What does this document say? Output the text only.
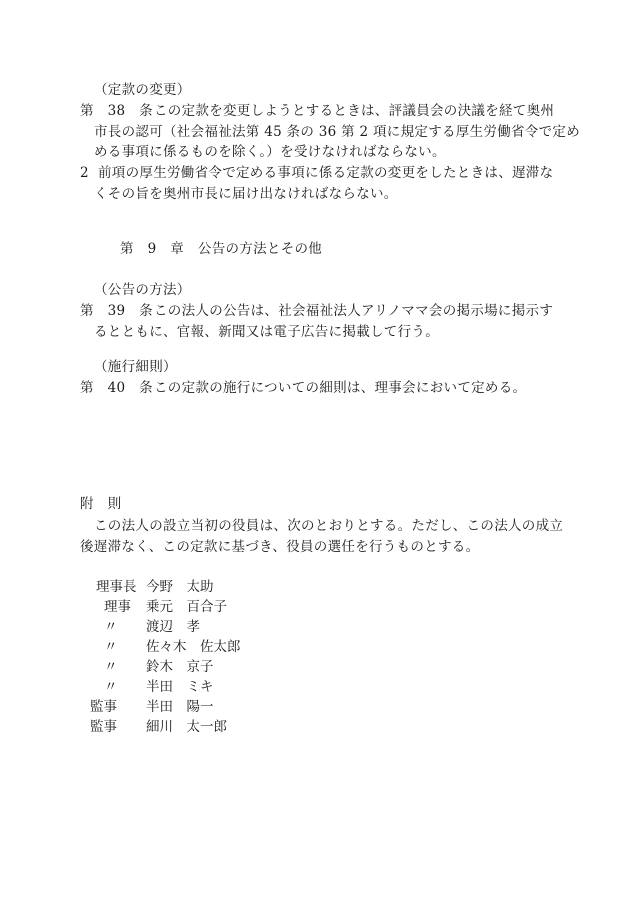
（定款の変更）
第　38　条この定款を変更しようとするときは、評議員会の決議を経て奥州
市長の認可（社会福祉法第 45 条の 36 第 2 項に規定する厚生労働省令で定め
める事項に係るものを除く。）を受けなければならない。
2 前項の厚生労働省令で定める事項に係る定款の変更をしたときは、遅滞な
くその旨を奥州市長に届け出なければならない。
第　9　章　公告の方法とその他
（公告の方法）
第　39　条この法人の公告は、社会福祉法人アリノママ会の掲示場に掲示す
るとともに、官報、新聞又は電子広告に掲載して行う。
（施行細則）
第　40　条この定款の施行についての細則は、理事会において定める。
附　則
この法人の設立当初の役員は、次のとおりとする。ただし、この法人の成立
後遅滞なく、この定款に基づき、役員の選任を行うものとする。
理事長 今野　太助
理事 乗元　百合子
〃 渡辺　孝
〃 佐々木　佐太郎
〃 鈴木　京子
〃 半田　ミキ
監事 半田　陽一
監事 細川　太一郎
